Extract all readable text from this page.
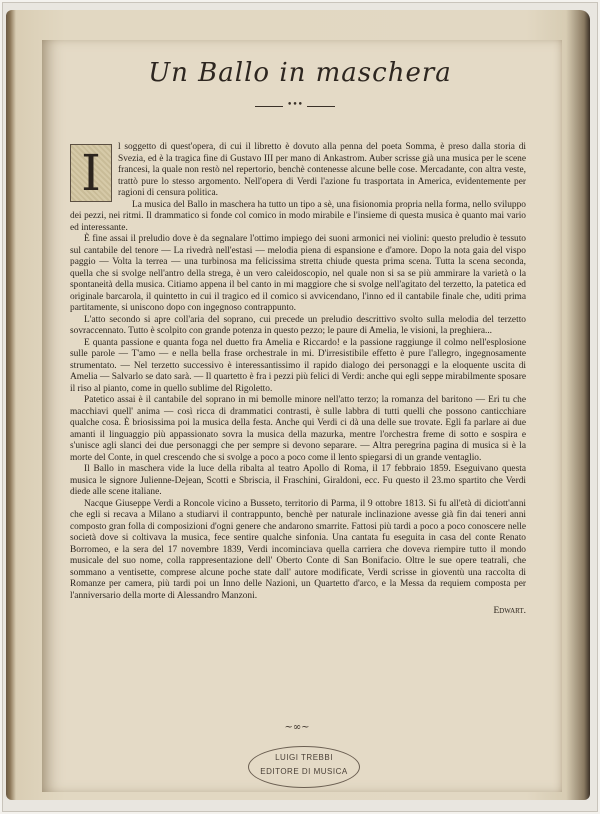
Un Ballo in maschera
•••

I	l soggetto di quest'opera, di cui il libretto è dovuto alla penna del poeta Somma, è preso dalla storia di Svezia, ed è la tragica fine di Gustavo III per mano di Ankastrom. Auber scrisse già una musica per le scene francesi, la quale non restò nel repertorio, benchè contenesse alcune belle cose. Mercadante, con altra veste, trattò pure lo stesso argomento. Nell'opera di Verdi l'azione fu trasportata in America, evidentemente per ragioni di censura politica.

La musica del Ballo in maschera ha tutto un tipo a sè, una fisionomia propria nella forma, nello sviluppo dei pezzi, nei ritmi. Il drammatico si fonde col comico in modo mirabile e l'insieme di questa musica è quanto mai vario ed interessante.

È fine assai il preludio dove è da segnalare l'ottimo impiego dei suoni armonici nei violini: questo preludio è tessuto sul cantabile del tenore — La rivedrà nell'estasi — melodia piena di espansione e d'amore. Dopo la nota gaia del vispo paggio — Volta la terrea — una turbinosa ma felicissima stretta chiude questa prima scena. Tutta la scena seconda, quella che si svolge nell'antro della strega, è un vero caleidoscopio, nel quale non si sa se più ammirare la varietà o la spontaneità della musica. Citiamo appena il bel canto in mi maggiore che si svolge nell'agitato del terzetto, la patetica ed originale barcarola, il quintetto in cui il tragico ed il comico si avvicendano, l'inno ed il cantabile finale che, uditi prima partitamente, si uniscono dopo con ingegnoso contrappunto.

L'atto secondo si apre coll'aria del soprano, cui precede un preludio descrittivo svolto sulla melodia del terzetto sovraccennato. Tutto è scolpito con grande potenza in questo pezzo; le paure di Amelia, le visioni, la preghiera...

E quanta passione e quanta foga nel duetto fra Amelia e Riccardo! e la passione raggiunge il colmo nell'esplosione sulle parole — T'amo — e nella bella frase orchestrale in mi. D'irresistibile effetto è pure l'allegro, ingegnosamente strumentato. — Nel terzetto successivo è interessantissimo il rapido dialogo dei personaggi e la eloquente uscita di Amelia — Salvarlo se dato sarà. — Il quartetto è fra i pezzi più felici di Verdi: anche qui egli seppe mirabilmente sposare il riso al pianto, come in quello sublime del Rigoletto.

Patetico assai è il cantabile del soprano in mi bemolle minore nell'atto terzo; la romanza del baritono — Eri tu che macchiavi quell' anima — così ricca di drammatici contrasti, è sulle labbra di tutti quelli che possono canticchiare qualche cosa. È briosissima poi la musica della festa. Anche qui Verdi ci dà una delle sue trovate. Egli fa parlare ai due amanti il linguaggio più appassionato sovra la musica della mazurka, mentre l'orchestra freme di sotto e sospira e s'unisce agli slanci dei due personaggi che per sempre si devono separare. — Altra peregrina pagina di musica si è la morte del Conte, in quel crescendo che si svolge a poco a poco come il lento spiegarsi di un grande ventaglio.

Il Ballo in maschera vide la luce della ribalta al teatro Apollo di Roma, il 17 febbraio 1859. Eseguivano questa musica le signore Julienne-Dejean, Scotti e Sbriscia, il Fraschini, Giraldoni, ecc. Fu questo il 23.mo spartito che Verdi diede alle scene italiane.

Nacque Giuseppe Verdi a Roncole vicino a Busseto, territorio di Parma, il 9 ottobre 1813. Si fu all'età di diciott'anni che egli si recava a Milano a studiarvi il contrappunto, benchè per naturale inclinazione avesse già fin dai teneri anni composto gran folla di composizioni d'ogni genere che andarono smarrite. Fattosi più tardi a poco a poco conoscere nelle società dove si coltivava la musica, fece sentire qualche sinfonia. Una cantata fu eseguita in casa del conte Renato Borromeo, e la sera del 17 novembre 1839, Verdi incominciava quella carriera che doveva riempire tutto il mondo musicale del suo nome, colla rappresentazione dell' Oberto Conte di San Bonifacio. Oltre le sue opere teatrali, che sommano a ventisette, comprese alcune poche state dall' autore modificate, Verdi scrisse in gioventù una raccolta di Romanze per camera, più tardi poi un Inno delle Nazioni, un Quartetto d'arco, e la Messa da requiem composta per l'anniversario della morte di Alessandro Manzoni.

Edwart.
~∞~
LUIGI TREBBI
EDITORE DI MUSICA
